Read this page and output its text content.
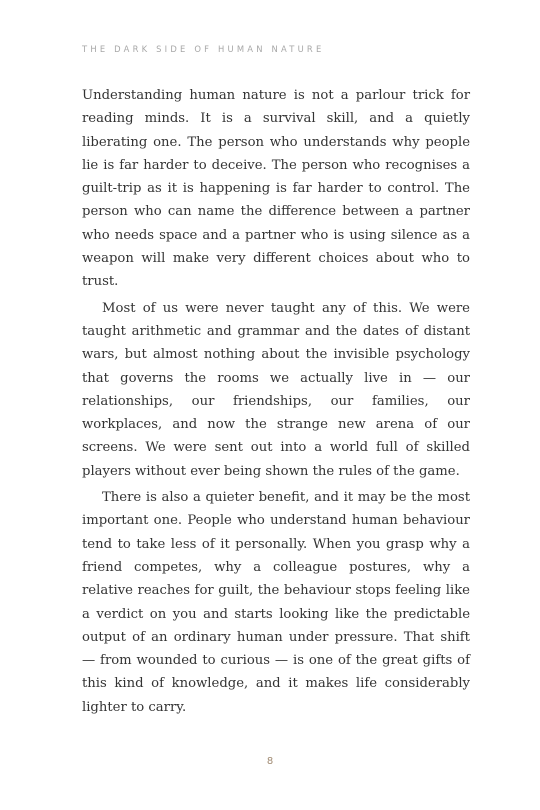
THE DARK SIDE OF HUMAN NATURE

Understanding human nature is not a parlour trick for reading minds. It is a survival skill, and a quietly liberating one. The person who understands why people lie is far harder to deceive. The person who recognises a guilt-trip as it is happening is far harder to control. The person who can name the difference between a partner who needs space and a partner who is using silence as a weapon will make very different choices about who to trust.

Most of us were never taught any of this. We were taught arithmetic and grammar and the dates of distant wars, but almost nothing about the invisible psychology that governs the rooms we actually live in — our relationships, our friendships, our families, our workplaces, and now the strange new arena of our screens. We were sent out into a world full of skilled players without ever being shown the rules of the game.

There is also a quieter benefit, and it may be the most important one. People who understand human behaviour tend to take less of it personally. When you grasp why a friend competes, why a colleague postures, why a relative reaches for guilt, the behaviour stops feeling like a verdict on you and starts looking like the predictable output of an ordinary human under pressure. That shift — from wounded to curious — is one of the great gifts of this kind of knowledge, and it makes life considerably lighter to carry.

8
